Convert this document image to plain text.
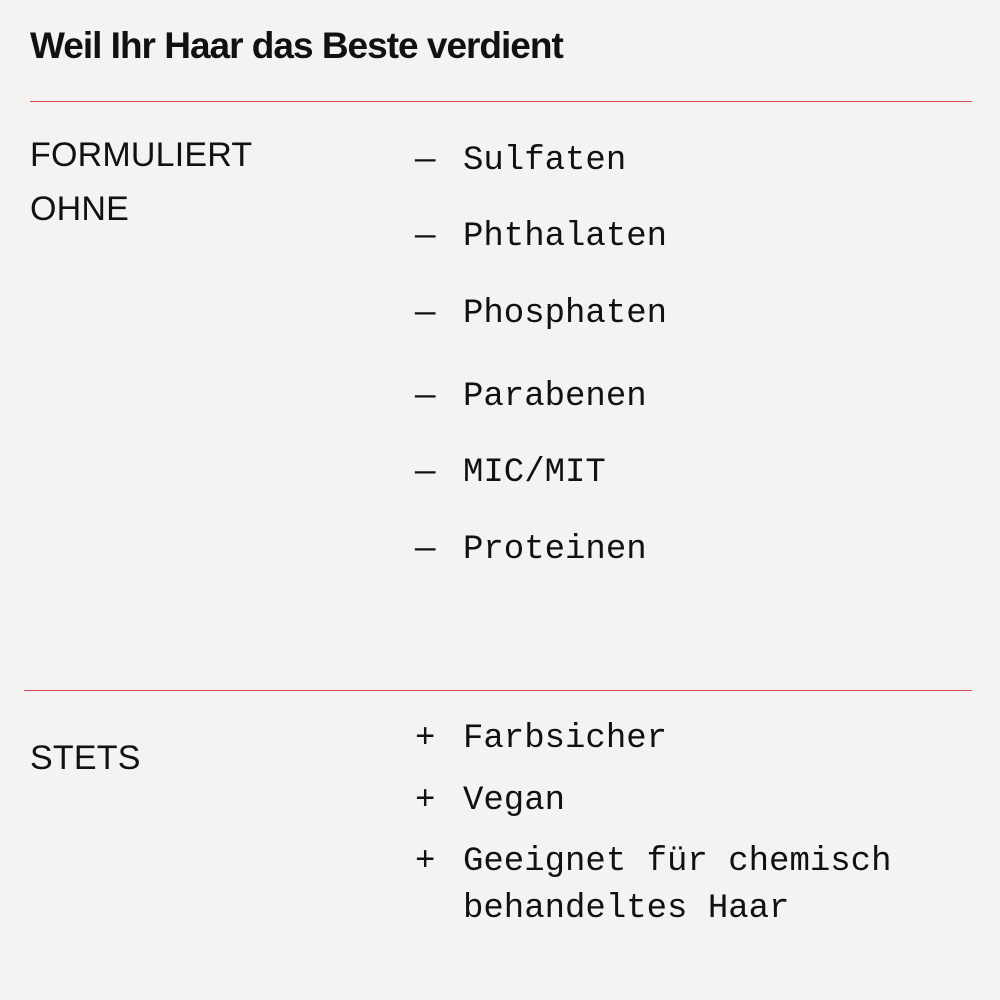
Weil Ihr Haar das Beste verdient
FORMULIERT
OHNE
— Sulfaten
— Phthalaten
— Phosphaten
— Parabenen
— MIC/MIT
— Proteinen
STETS	+ Farbsicher
+ Vegan
+ Geeignet für chemisch
behandeltes Haar
